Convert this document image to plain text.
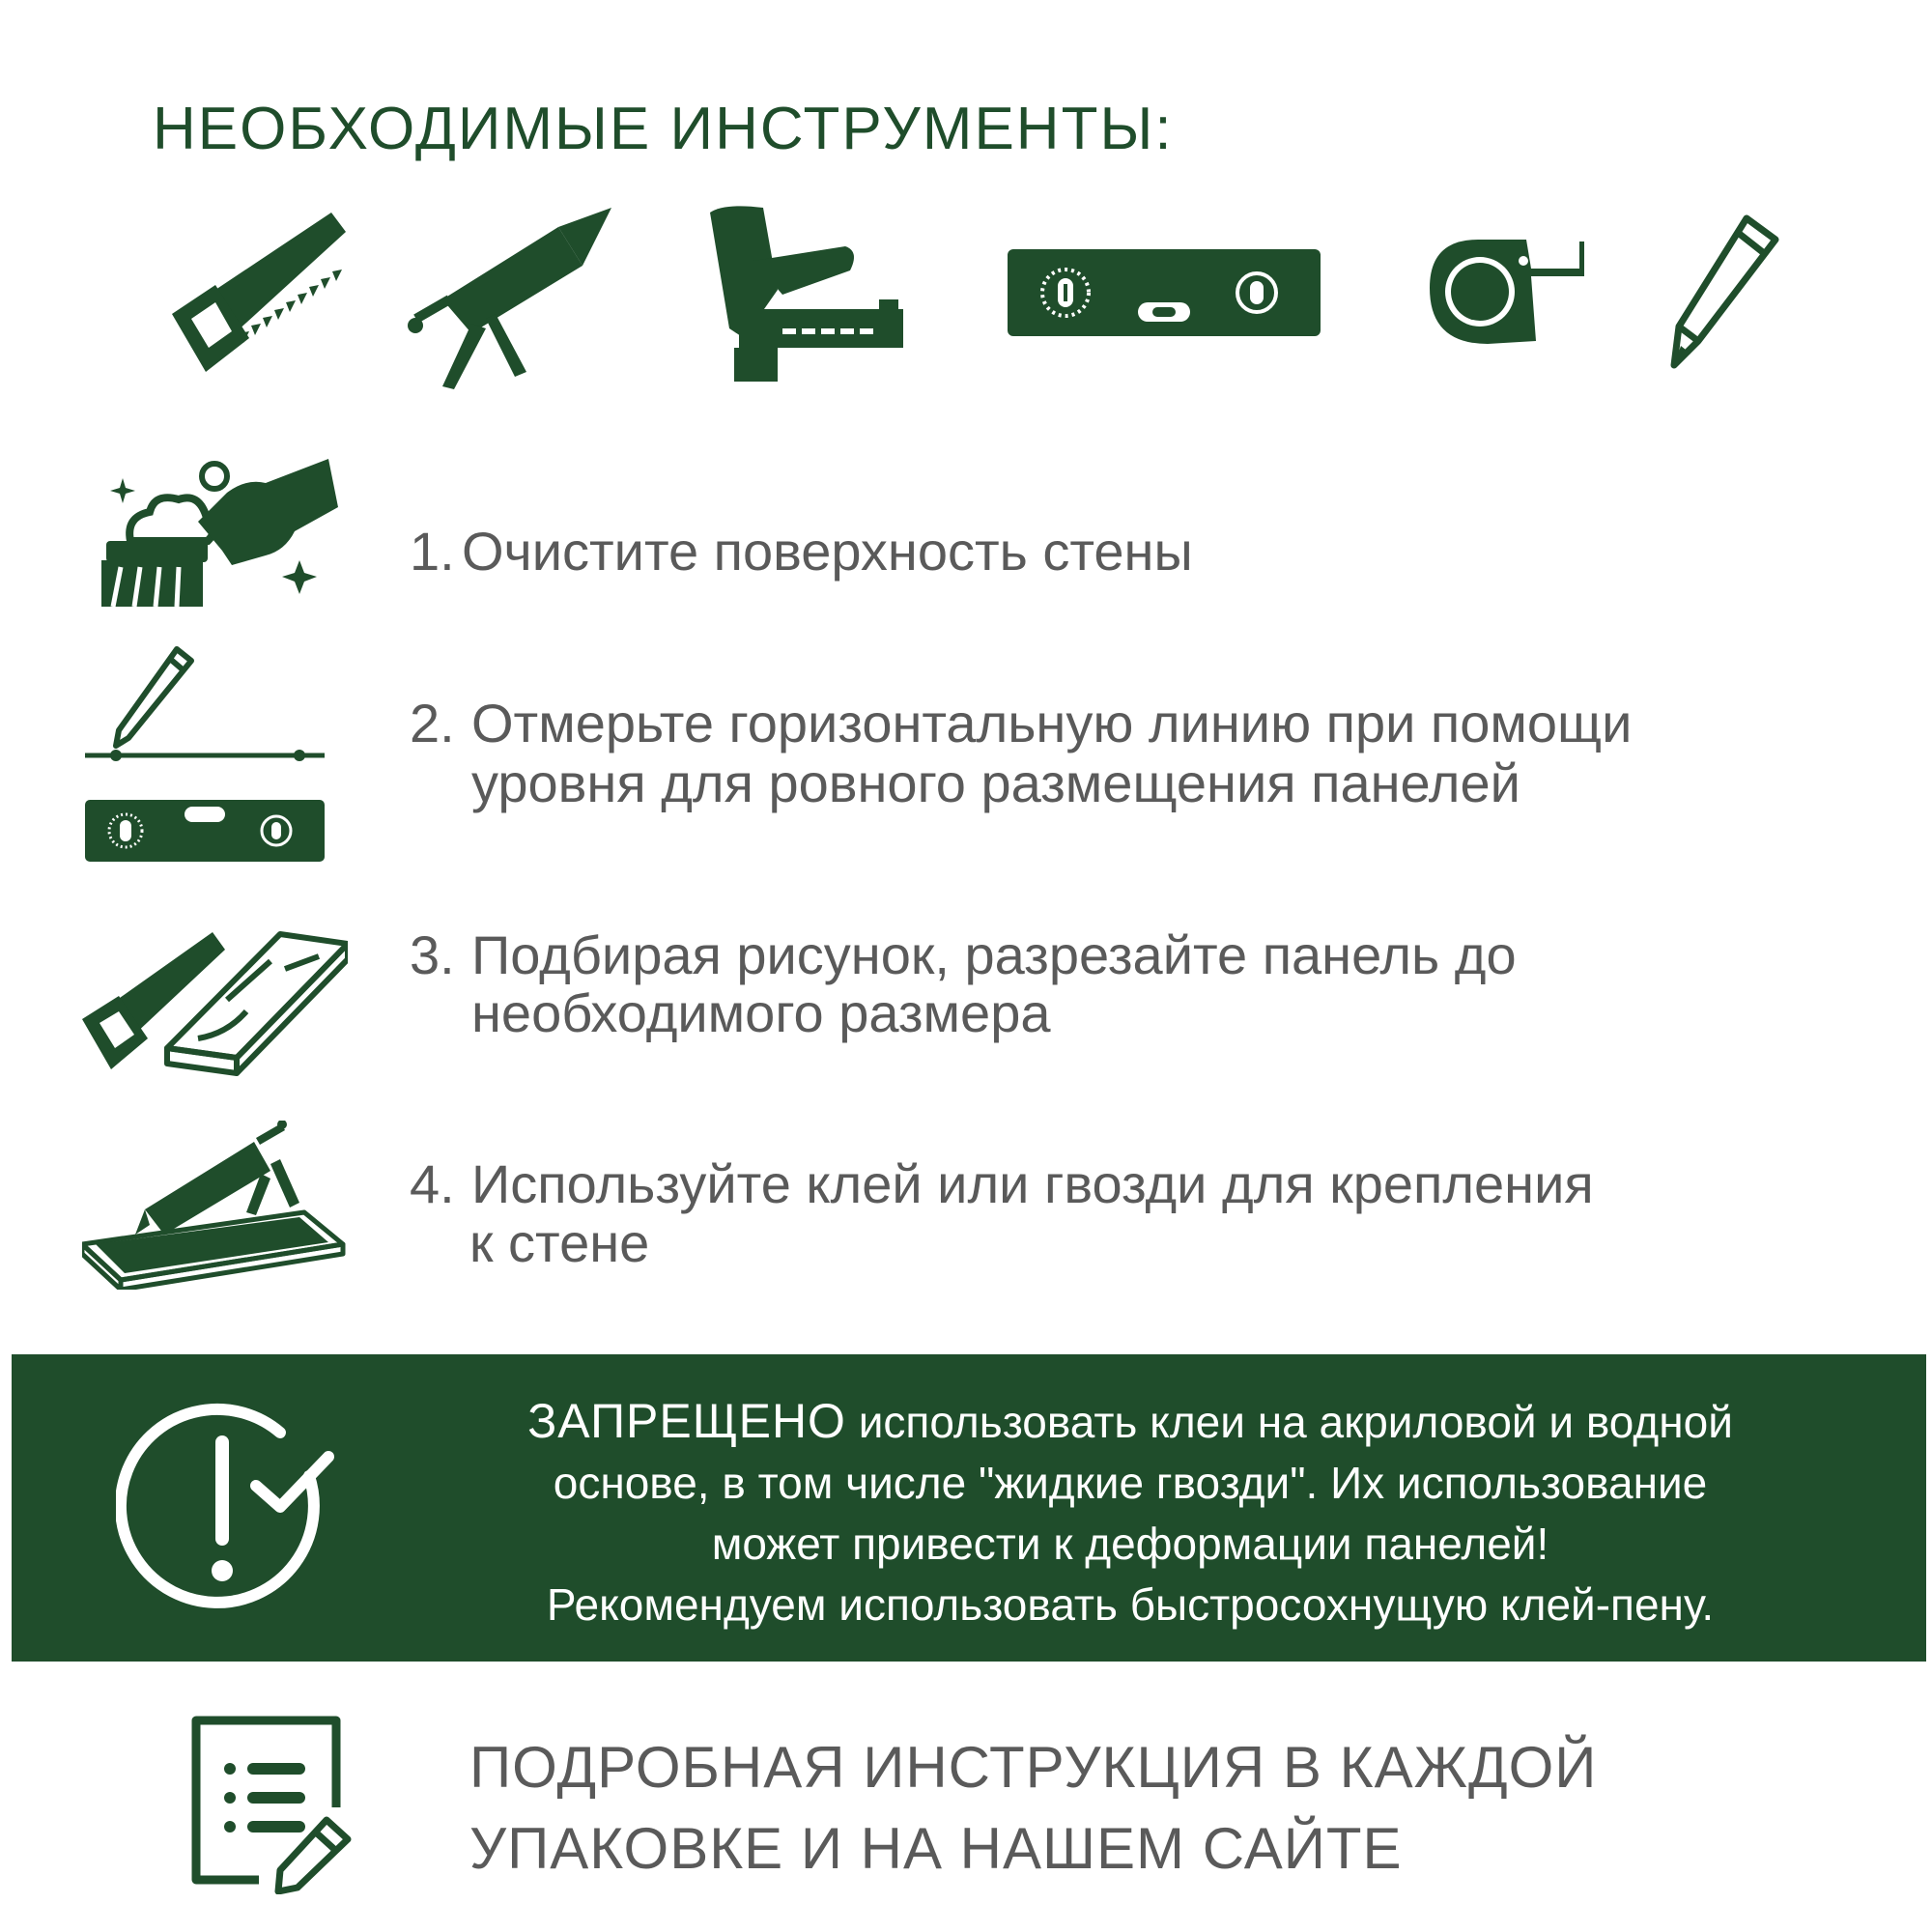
НЕОБХОДИМЫЕ ИНСТРУМЕНТЫ:
1. Очистите поверхность стены
2. Отмерьте горизонтальную линию при помощи
уровня для ровного размещения панелей
3. Подбирая рисунок, разрезайте панель до
необходимого размера
4. Используйте клей или гвозди для крепления
к стене
ЗАПРЕЩЕНО использовать клеи на акриловой и водной
основе, в том числе "жидкие гвозди". Их использование
может привести к деформации панелей!
Рекомендуем использовать быстросохнущую клей-пену.
ПОДРОБНАЯ ИНСТРУКЦИЯ В КАЖДОЙ
УПАКОВКЕ И НА НАШЕМ САЙТЕ
